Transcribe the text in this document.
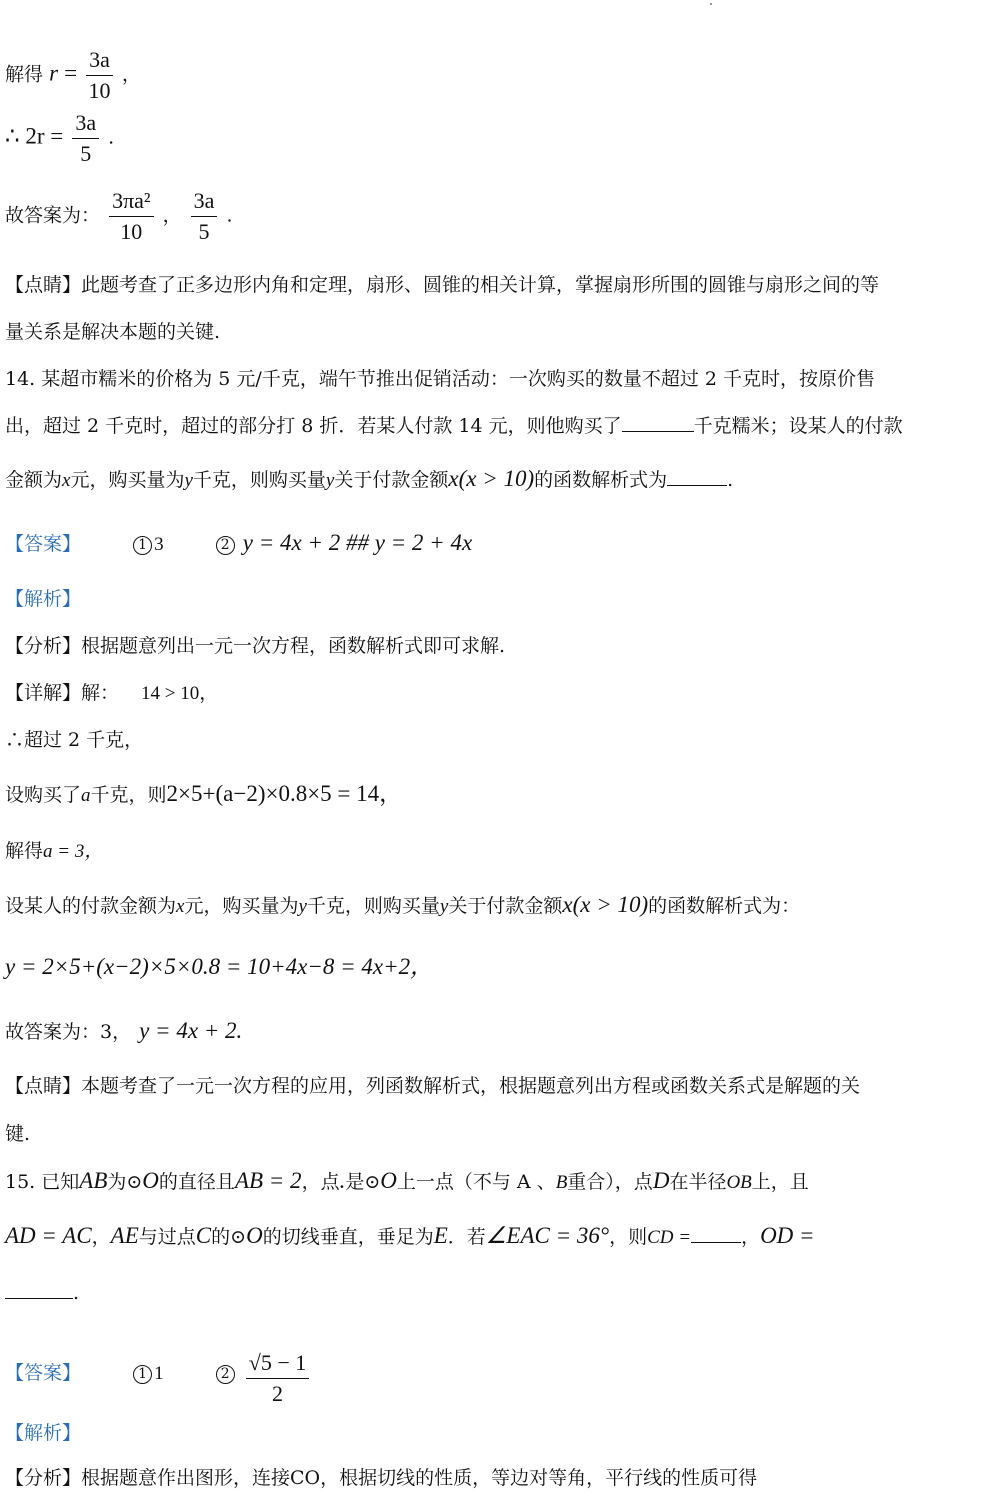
解得 $r = \frac{3a}{10}$ ，
∴ $2r = \frac{3a}{5}$ .
故答案为： $\frac{\text{3πa²}}{10}$ ， $\frac{3a}{5}$ .
【点睛】此题考查了正多边形内角和定理，扇形、圆锥的相关计算，掌握扇形所围的圆锥与扇形之间的等
量关系是解决本题的关键.
14. 某超市糯米的价格为 5 元/千克，端午节推出促销活动：一次购买的数量不超过 2 千克时，按原价售
出，超过 2 千克时，超过的部分打 8 折．若某人付款 14 元，则他购买了	千克糯米；设某人的付款
金额为x元，购买量为y千克，则购买量y关于付款金额x(x > 10)的函数解析式为	.
【答案】	1 3	2 y = 4x + 2 ## y = 2 + 4x
【解析】
【分析】根据题意列出一元一次方程，函数解析式即可求解.
【详解】解： 14 > 10，
∴超过 2 千克，
设购买了a千克，则2×5+(a−2)×0.8×5 = 14，
解得a = 3，
设某人的付款金额为x元，购买量为y千克，则购买量y关于付款金额x(x > 10)的函数解析式为：
y = 2×5+(x−2)×5×0.8 = 10+4x−8 = 4x+2，
故答案为：3， y = 4x + 2.
【点睛】本题考查了一元一次方程的应用，列函数解析式，根据题意列出方程或函数关系式是解题的关
键.
15. 已知AB为⊙O的直径且AB = 2，点.是⊙O上一点（不与 A 、B重合），点D在半径OB上，且
AD = AC，AE与过点C的⊙O的切线垂直，垂足为E．若∠EAC = 36°，则CD =	，OD =
.
【答案】	1 1	$2 \frac{√5 - 1}{2}$
【解析】
【分析】根据题意作出图形，连接CO，根据切线的性质，等边对等角，平行线的性质可得
